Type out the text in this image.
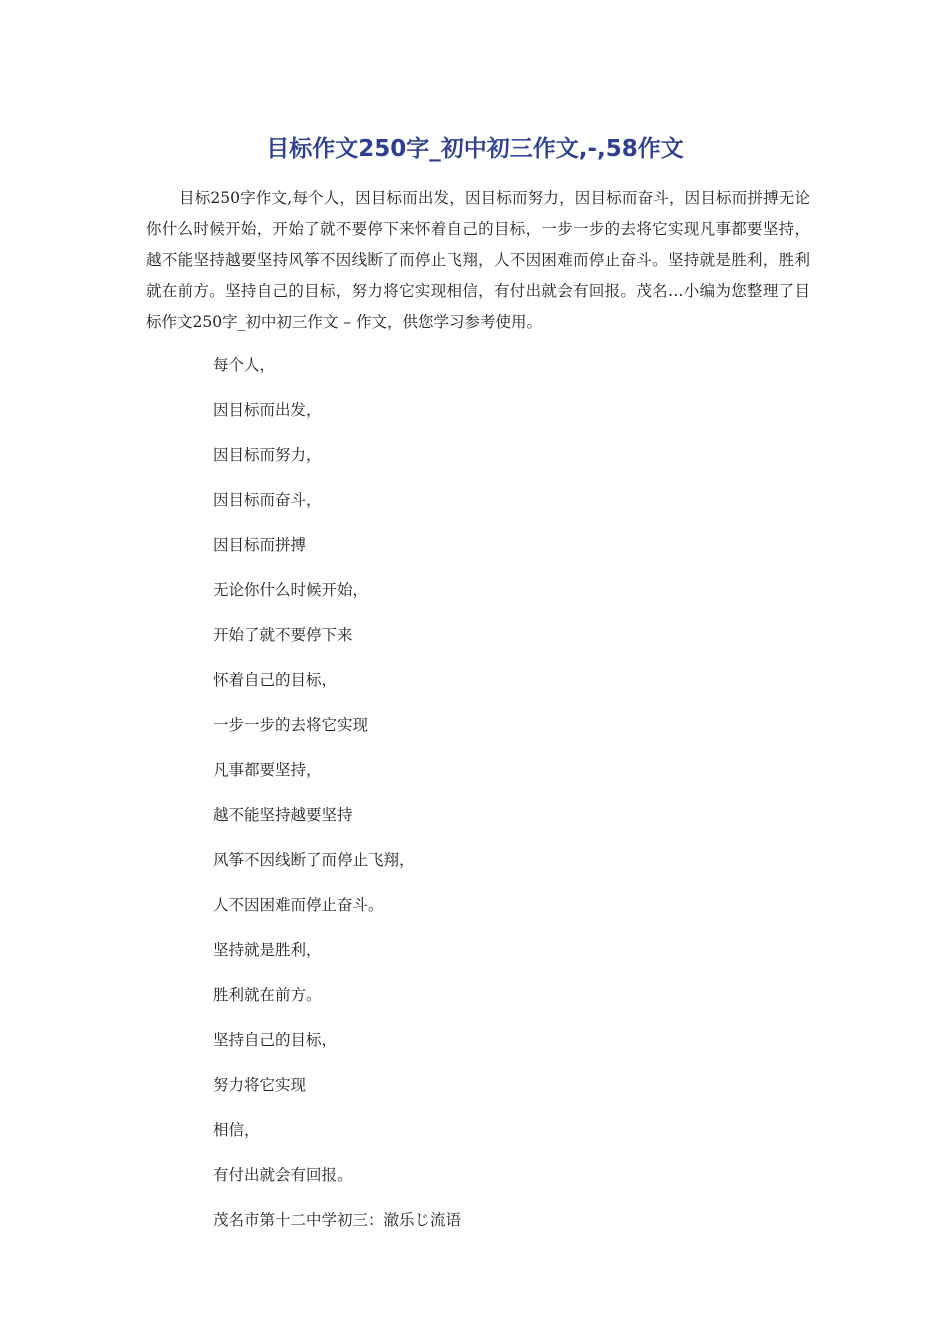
目标作文250字_初中初三作文,-,58作文

目标250字作文,每个人，因目标而出发，因目标而努力，因目标而奋斗，因目标而拼搏无论你什么时候开始，开始了就不要停下来怀着自己的目标，一步一步的去将它实现凡事都要坚持，越不能坚持越要坚持风筝不因线断了而停止飞翔，人不因困难而停止奋斗。坚持就是胜利，胜利就在前方。坚持自己的目标，努力将它实现相信，有付出就会有回报。茂名…小编为您整理了目标作文250字_初中初三作文 – 作文，供您学习参考使用。

每个人，
因目标而出发，
因目标而努力，
因目标而奋斗，
因目标而拼搏
无论你什么时候开始，
开始了就不要停下来
怀着自己的目标，
一步一步的去将它实现
凡事都要坚持，
越不能坚持越要坚持
风筝不因线断了而停止飞翔，
人不因困难而停止奋斗。
坚持就是胜利，
胜利就在前方。
坚持自己的目标，
努力将它实现
相信，
有付出就会有回报。
茂名市第十二中学初三：澈乐じ流语
